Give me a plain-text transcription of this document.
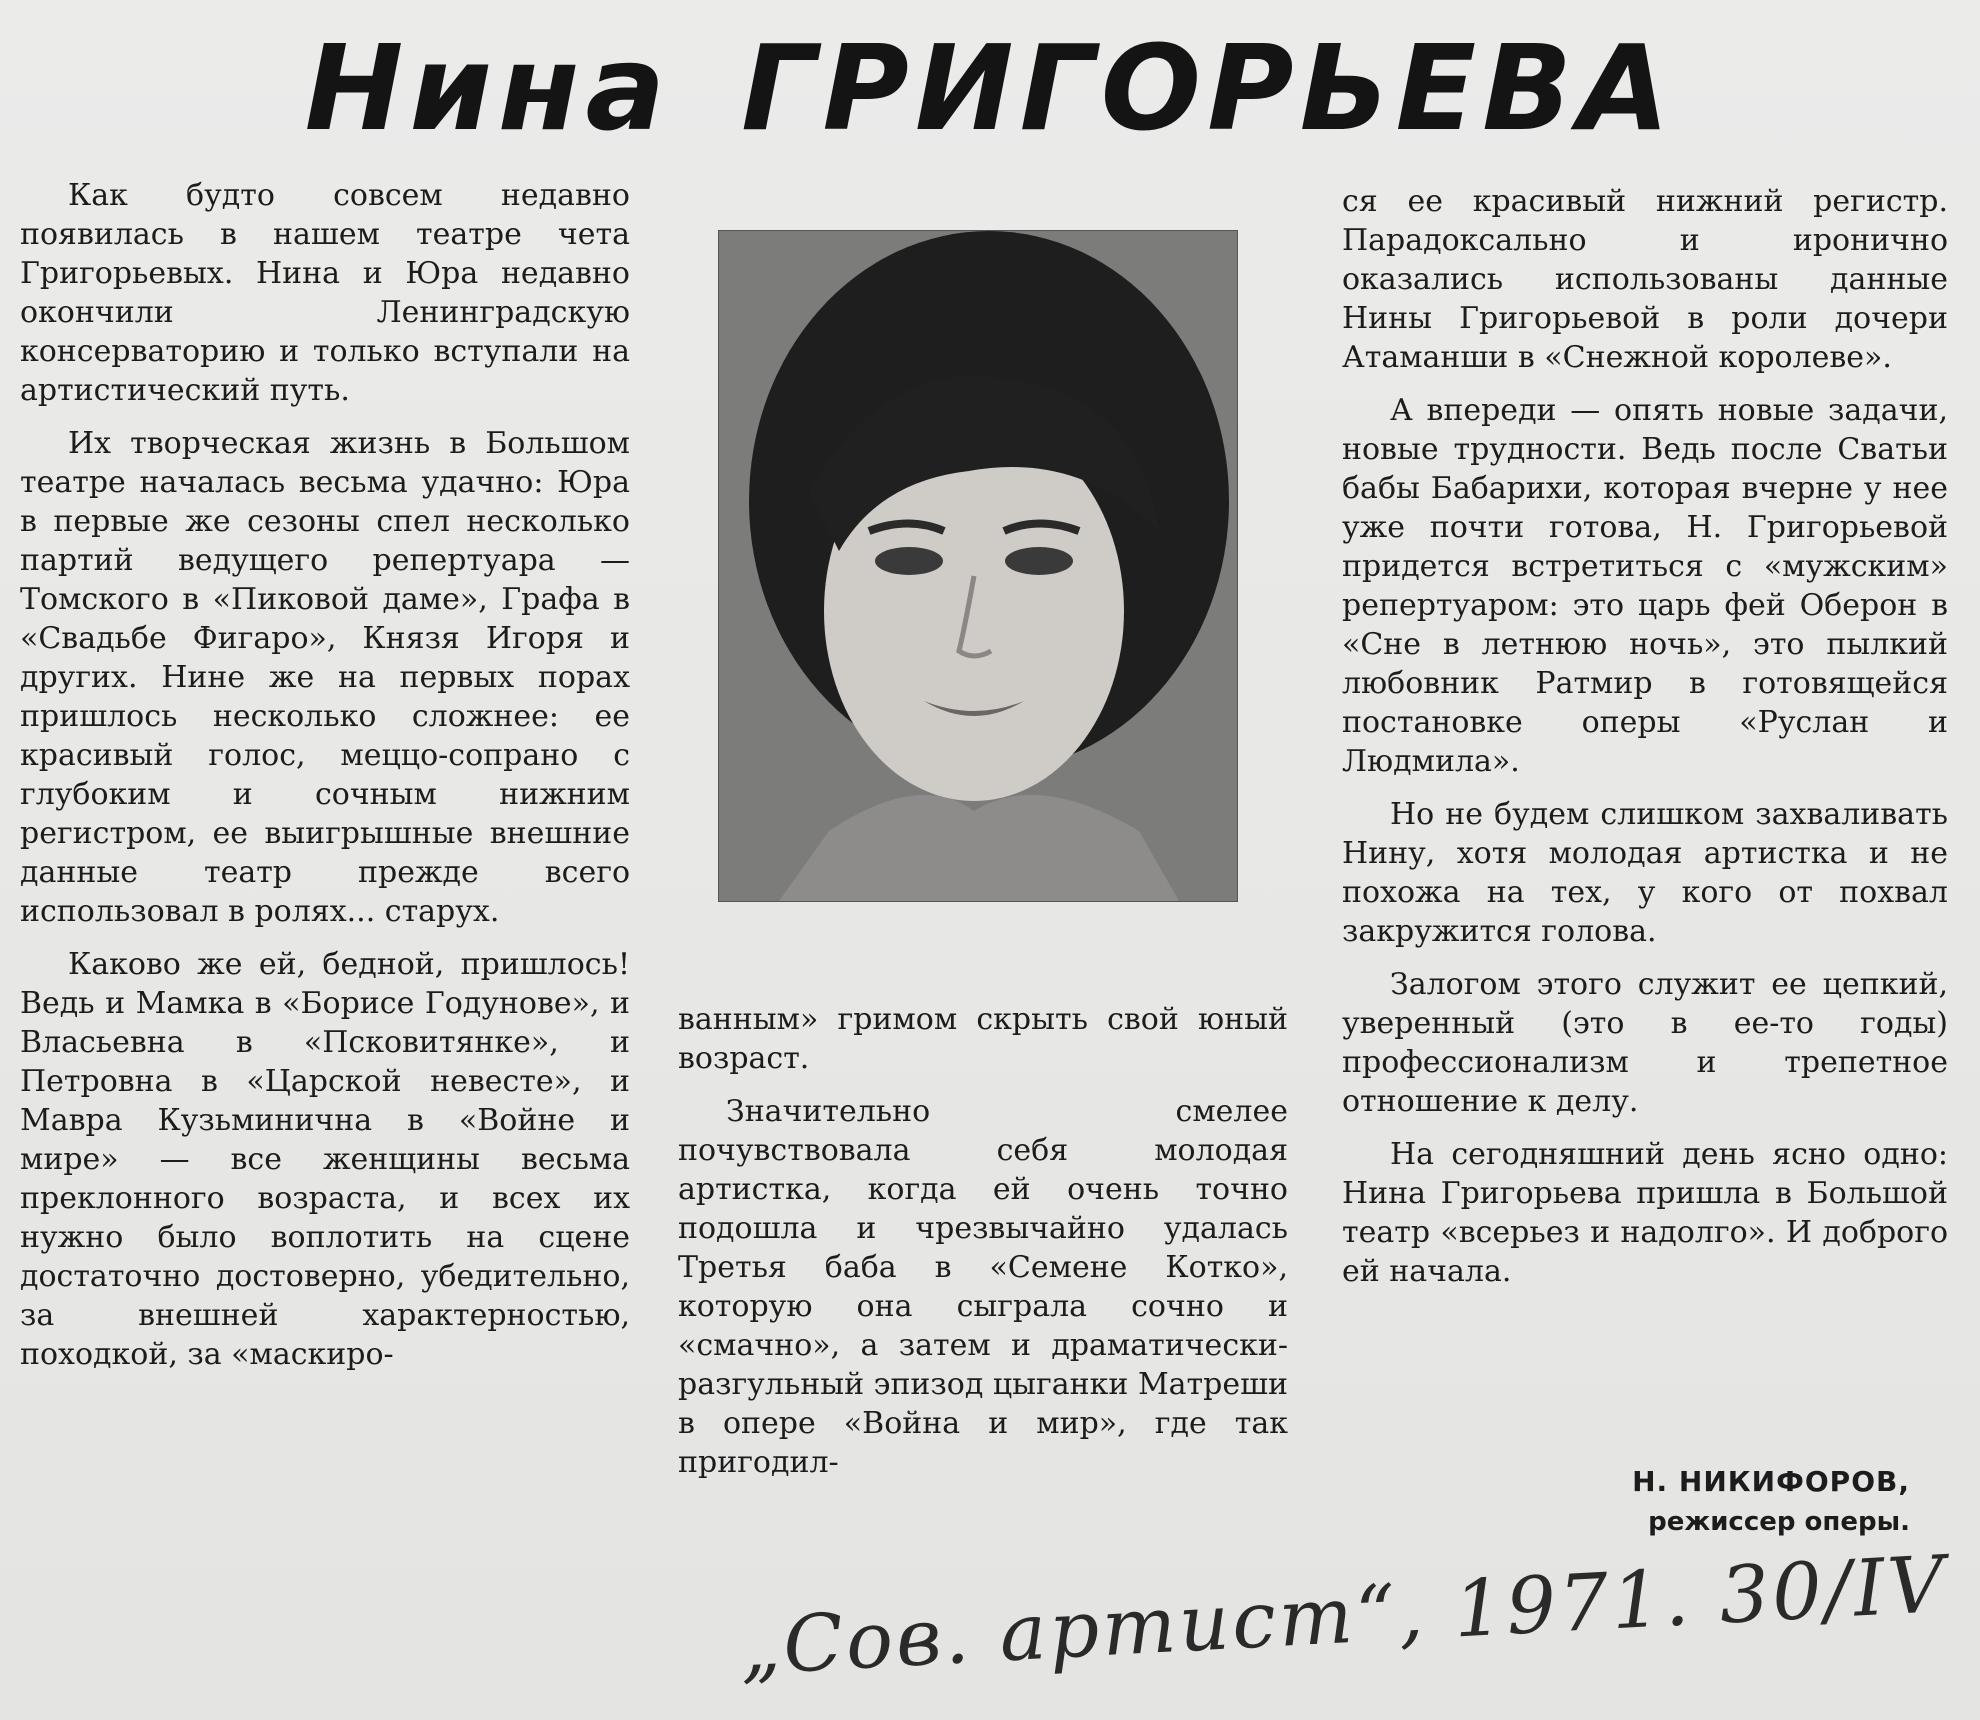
Нина ГРИГОРЬЕВА

Как будто совсем недавно появилась в нашем театре чета Григорьевых. Нина и Юра недавно окончили Ленинградскую консерваторию и только вступали на артистический путь.

Их творческая жизнь в Большом театре началась весьма удачно: Юра в первые же сезоны спел несколько партий ведущего репертуара — Томского в «Пиковой даме», Графа в «Свадьбе Фигаро», Князя Игоря и других. Нине же на первых порах пришлось несколько сложнее: ее красивый голос, меццо-сопрано с глубоким и сочным нижним регистром, ее выигрышные внешние данные театр прежде всего использовал в ролях... старух.

Каково же ей, бедной, пришлось! Ведь и Мамка в «Борисе Годунове», и Власьевна в «Псковитянке», и Петровна в «Царской невесте», и Мавра Кузьминична в «Войне и мире» — все женщины весьма преклонного возраста, и всех их нужно было воплотить на сцене достаточно достоверно, убедительно, за внешней характерностью, походкой, за «маскиро-

ванным» гримом скрыть свой юный возраст.

Значительно смелее почувствовала себя молодая артистка, когда ей очень точно подошла и чрезвычайно удалась Третья баба в «Семене Котко», которую она сыграла сочно и «смачно», а затем и драматически-разгульный эпизод цыганки Матреши в опере «Война и мир», где так пригодил-

ся ее красивый нижний регистр. Парадоксально и иронично оказались использованы данные Нины Григорьевой в роли дочери Атаманши в «Снежной королеве».

А впереди — опять новые задачи, новые трудности. Ведь после Сватьи бабы Бабарихи, которая вчерне у нее уже почти готова, Н. Григорьевой придется встретиться с «мужским» репертуаром: это царь фей Оберон в «Сне в летнюю ночь», это пылкий любовник Ратмир в готовящейся постановке оперы «Руслан и Людмила».

Но не будем слишком захваливать Нину, хотя молодая артистка и не похожа на тех, у кого от похвал закружится голова.

Залогом этого служит ее цепкий, уверенный (это в ее-то годы) профессионализм и трепетное отношение к делу.

На сегодняшний день ясно одно: Нина Григорьева пришла в Большой театр «всерьез и надолго». И доброго ей начала.

Н. НИКИФОРОВ,
режиссер оперы.
„Сов. артист“, 1971. 30/IV
